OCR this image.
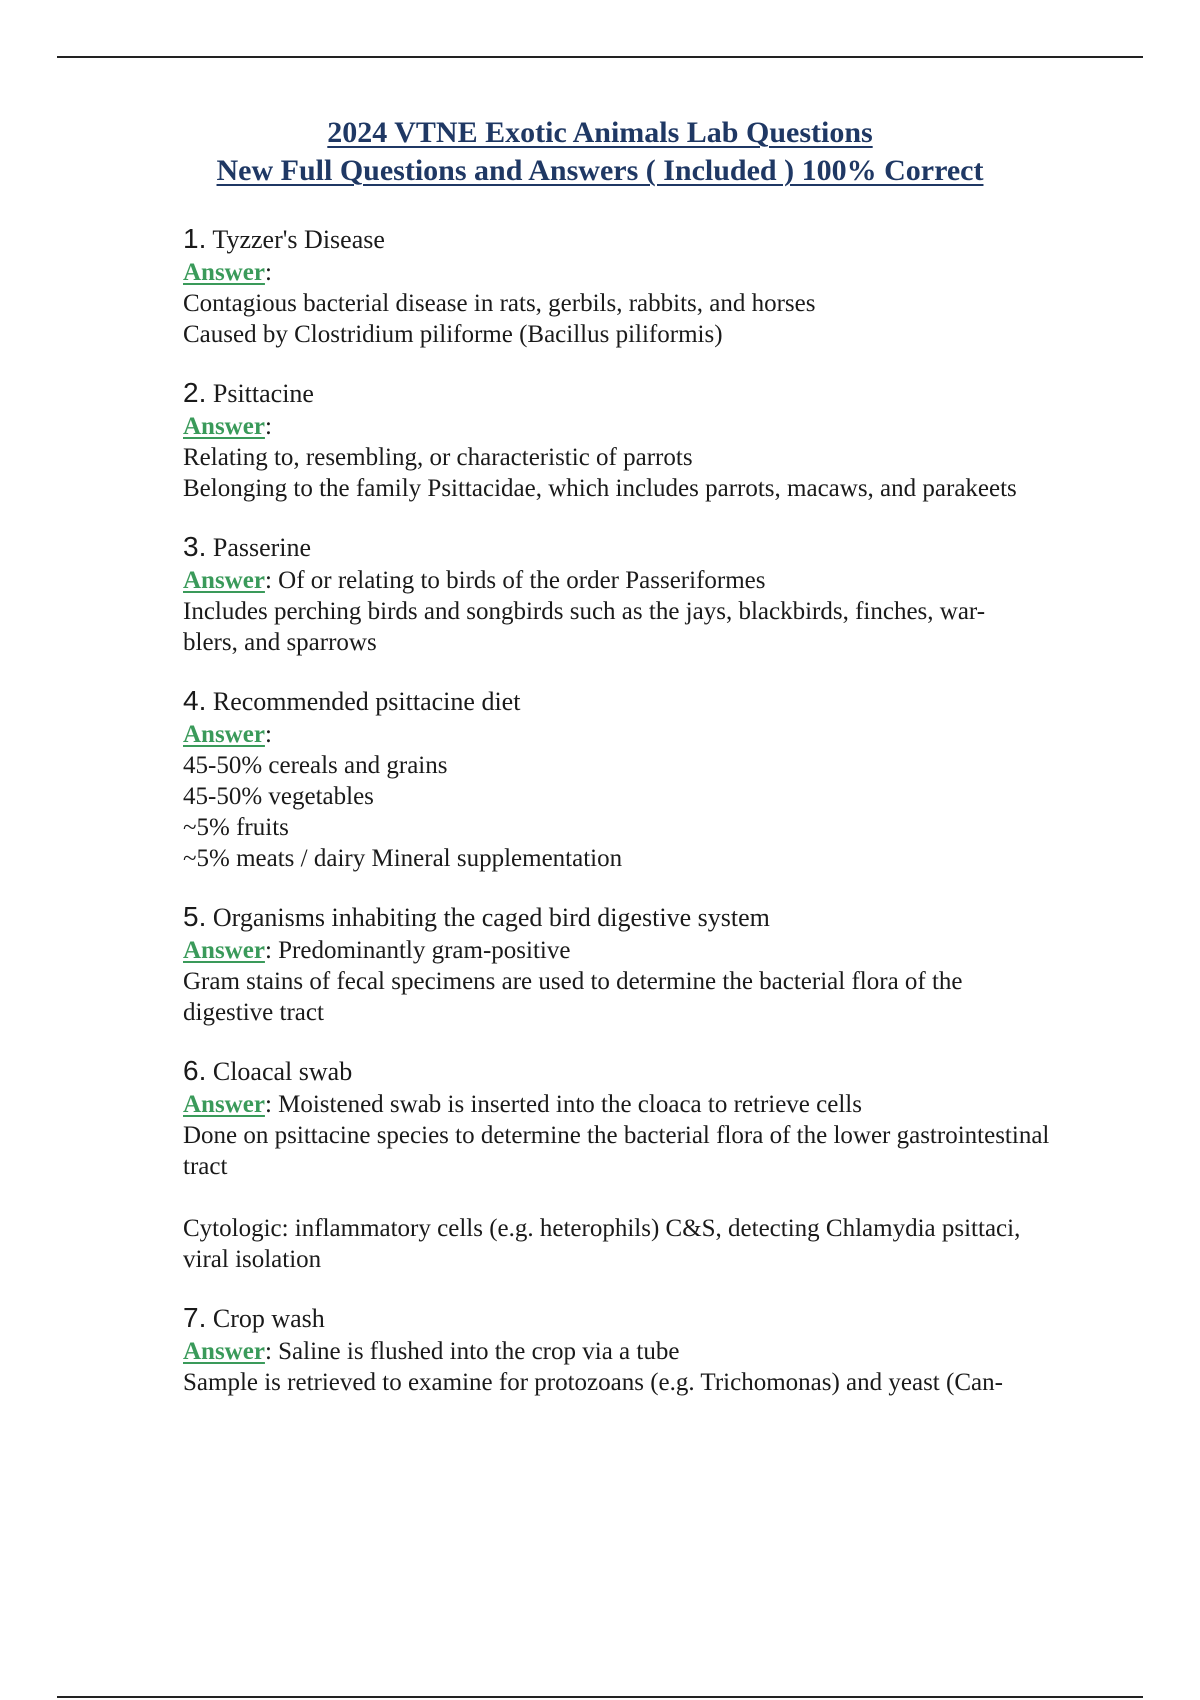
2024 VTNE Exotic Animals Lab Questions
New Full Questions and Answers ( Included ) 100% Correct
1. Tyzzer's Disease
Answer:
Contagious bacterial disease in rats, gerbils, rabbits, and horses
Caused by Clostridium piliforme (Bacillus piliformis)
2. Psittacine
Answer:
Relating to, resembling, or characteristic of parrots
Belonging to the family Psittacidae, which includes parrots, macaws, and parakeets
3. Passerine
Answer: Of or relating to birds of the order Passeriformes
Includes perching birds and songbirds such as the jays, blackbirds, finches, war-
blers, and sparrows
4. Recommended psittacine diet
Answer:
45-50% cereals and grains
45-50% vegetables
~5% fruits
~5% meats / dairy Mineral supplementation
5. Organisms inhabiting the caged bird digestive system
Answer: Predominantly gram-positive
Gram stains of fecal specimens are used to determine the bacterial flora of the
digestive tract
6. Cloacal swab
Answer: Moistened swab is inserted into the cloaca to retrieve cells
Done on psittacine species to determine the bacterial flora of the lower gastrointestinal
tract
Cytologic: inflammatory cells (e.g. heterophils) C&S, detecting Chlamydia psittaci,
viral isolation
7. Crop wash
Answer: Saline is flushed into the crop via a tube
Sample is retrieved to examine for protozoans (e.g. Trichomonas) and yeast (Can-
